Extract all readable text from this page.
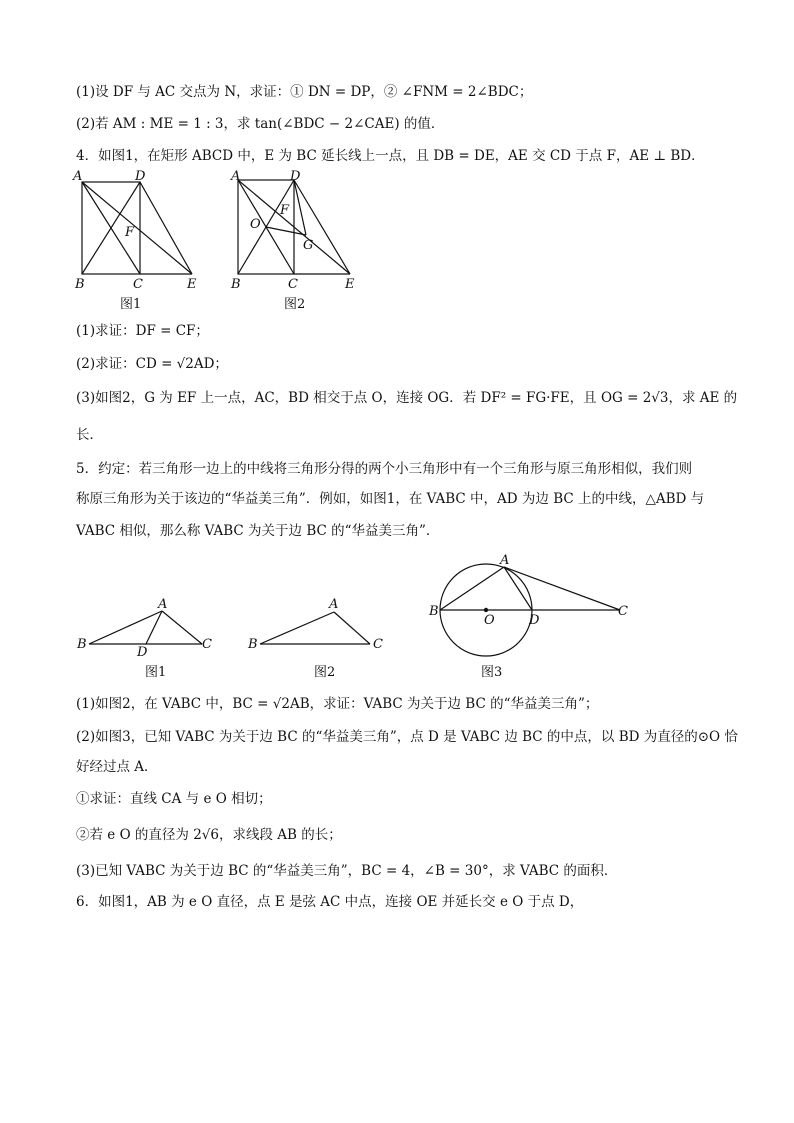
(1)设 DF 与 AC 交点为 N，求证：① DN = DP，② ∠FNM = 2∠BDC；
(2)若 AM : ME = 1 : 3，求 tan(∠BDC − 2∠CAE) 的值．
4．如图1，在矩形 ABCD 中，E 为 BC 延长线上一点，且 DB = DE，AE 交 CD 于点 F，AE ⊥ BD．
A	D
F
B	C	E
图1
A	D
F
O
G
B	C	E
图2
(1)求证：DF = CF；
(2)求证：CD = √2AD；
(3)如图2，G 为 EF 上一点，AC，BD 相交于点 O，连接 OG．若 DF² = FG·FE，且 OG = 2√3，求 AE 的
长．
5．约定：若三角形一边上的中线将三角形分得的两个小三角形中有一个三角形与原三角形相似，我们则
称原三角形为关于该边的“华益美三角”．例如，如图1，在 VABC 中，AD 为边 BC 上的中线，△ABD 与
VABC 相似，那么称 VABC 为关于边 BC 的“华益美三角”．
A
B
D
C
图1
A
B	C
图2
A
B
O	D
C
图3
(1)如图2，在 VABC 中，BC = √2AB，求证：VABC 为关于边 BC 的“华益美三角”；
(2)如图3，已知 VABC 为关于边 BC 的“华益美三角”，点 D 是 VABC 边 BC 的中点，以 BD 为直径的⊙O 恰
好经过点 A．
①求证：直线 CA 与 e O 相切；
②若 e O 的直径为 2√6，求线段 AB 的长；
(3)已知 VABC 为关于边 BC 的“华益美三角”，BC = 4，∠B = 30°，求 VABC 的面积．
6．如图1，AB 为 e O 直径，点 E 是弦 AC 中点，连接 OE 并延长交 e O 于点 D，
